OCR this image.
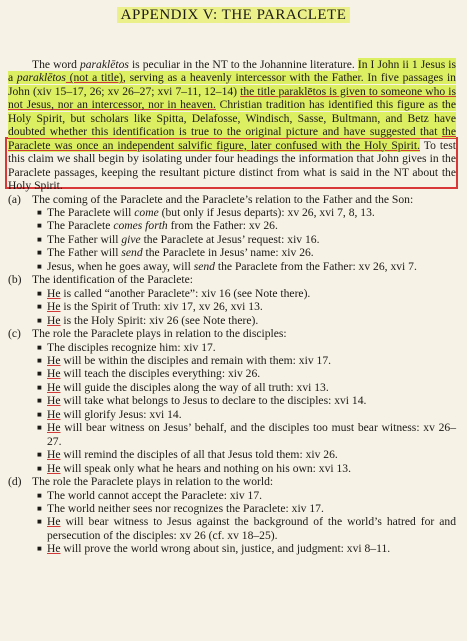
APPENDIX V: THE PARACLETE

The word paraklētos is peculiar in the NT to the Johannine literature. In I John ii 1 Jesus is a paraklētos (not a title), serving as a heavenly intercessor with the Father. In five passages in John (xiv 15–17, 26; xv 26–27; xvi 7–11, 12–14) the title paraklētos is given to someone who is not Jesus, nor an intercessor, nor in heaven. Christian tradition has identified this figure as the Holy Spirit, but scholars like Spitta, Delafosse, Windisch, Sasse, Bultmann, and Betz have doubted whether this identification is true to the original picture and have suggested that the Paraclete was once an independent salvific figure, later confused with the Holy Spirit. To test this claim we shall begin by isolating under four headings the information that John gives in the Paraclete passages, keeping the resultant picture distinct from what is said in the NT about the Holy Spirit.

(a) The coming of the Paraclete and the Paraclete’s relation to the Father and the Son:

■ The Paraclete will come (but only if Jesus departs): xv 26, xvi 7, 8, 13.
■ The Paraclete comes forth from the Father: xv 26.
■ The Father will give the Paraclete at Jesus’ request: xiv 16.
■ The Father will send the Paraclete in Jesus’ name: xiv 26.
■ Jesus, when he goes away, will send the Paraclete from the Father: xv 26, xvi 7.

(b) The identification of the Paraclete:

■ He is called “another Paraclete”: xiv 16 (see Note there).
■ He is the Spirit of Truth: xiv 17, xv 26, xvi 13.
■ He is the Holy Spirit: xiv 26 (see Note there).

(c) The role the Paraclete plays in relation to the disciples:

■ The disciples recognize him: xiv 17.
■ He will be within the disciples and remain with them: xiv 17.
■ He will teach the disciples everything: xiv 26.
■ He will guide the disciples along the way of all truth: xvi 13.
■ He will take what belongs to Jesus to declare to the disciples: xvi 14.
■ He will glorify Jesus: xvi 14.
■ He will bear witness on Jesus’ behalf, and the disciples too must bear witness: xv 26–27.
■ He will remind the disciples of all that Jesus told them: xiv 26.
■ He will speak only what he hears and nothing on his own: xvi 13.

(d) The role the Paraclete plays in relation to the world:

■ The world cannot accept the Paraclete: xiv 17.
■ The world neither sees nor recognizes the Paraclete: xiv 17.
■ He will bear witness to Jesus against the background of the world’s hatred for and persecution of the disciples: xv 26 (cf. xv 18–25).
■ He will prove the world wrong about sin, justice, and judgment: xvi 8–11.
